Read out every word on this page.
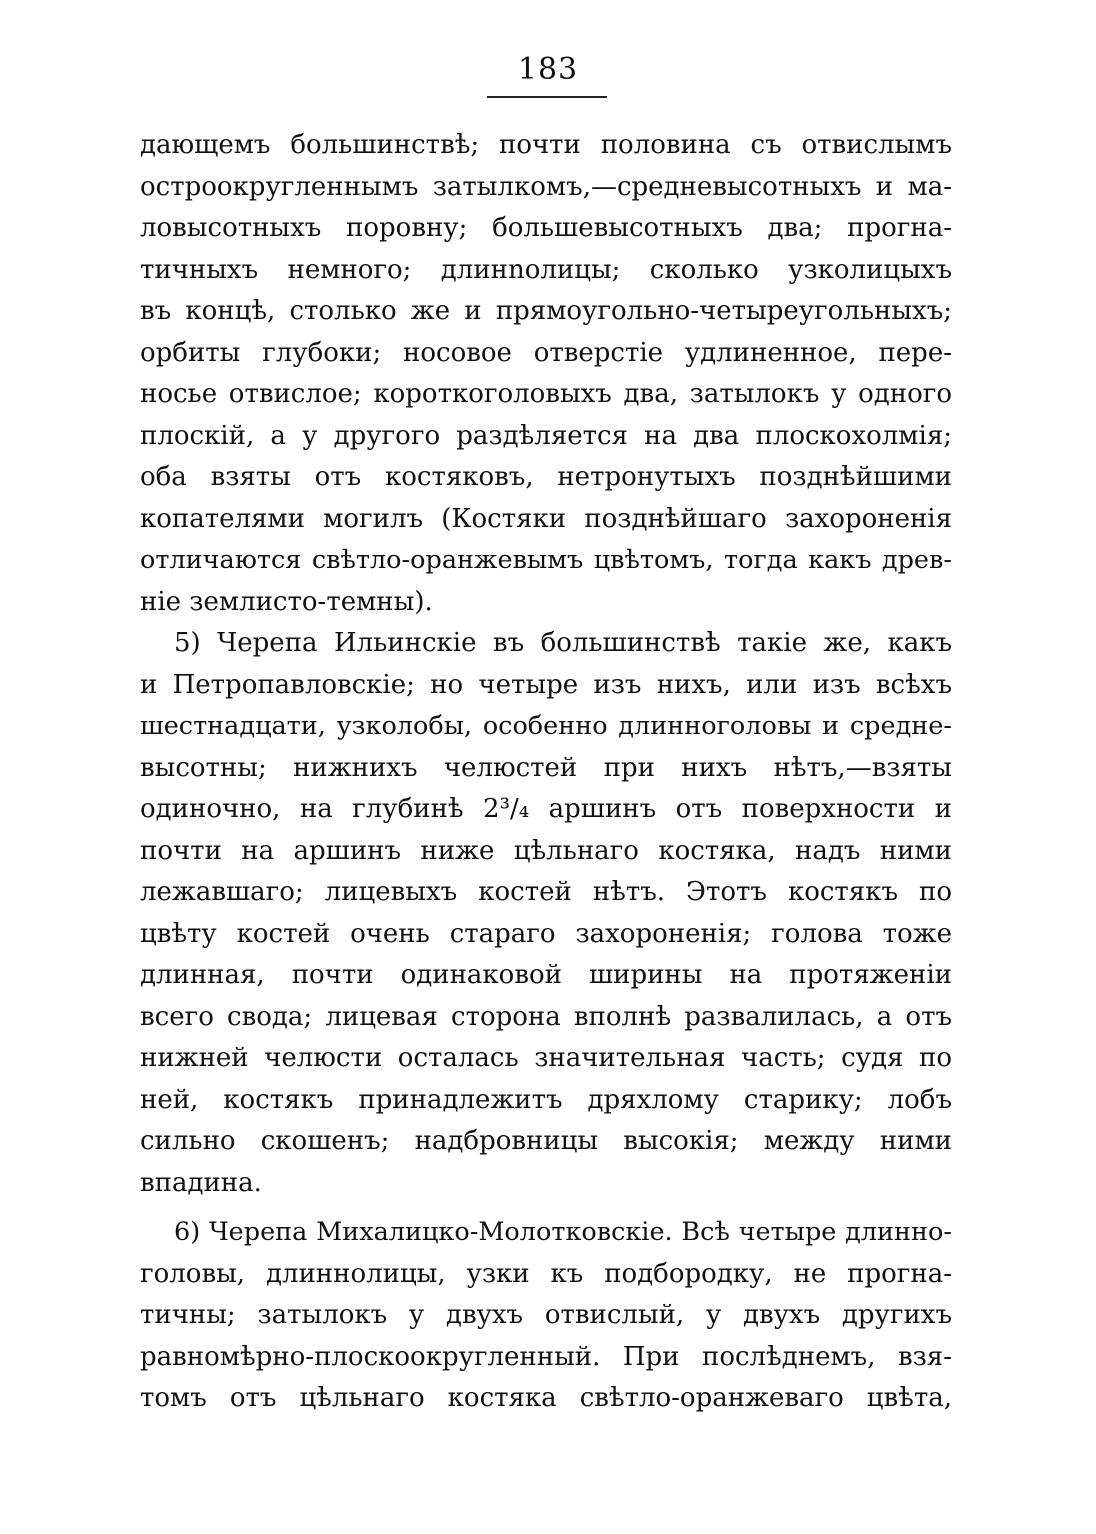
183
дающемъ большинствѣ; почти половина съ отвислымъ
остроокругленнымъ затылкомъ,—средневысотныхъ и ма-
ловысотныхъ поровну; большевысотныхъ два; прогна-
тичныхъ немного; длинnолицы; сколько узколицыхъ
въ концѣ, столько же и прямоугольно-четыреугольныхъ;
орбиты глубоки; носовое отверстіе удлиненное, пере-
носье отвислое; короткоголовыхъ два, затылокъ у одного
плоскій, а у другого раздѣляется на два плоскохолмія;
оба взяты отъ костяковъ, нетронутыхъ позднѣйшими
копателями могилъ (Костяки позднѣйшаго захороненія
отличаются свѣтло-оранжевымъ цвѣтомъ, тогда какъ древ-
ніе землисто-темны).
5) Черепа Ильинскіе въ большинствѣ такіе же, какъ
и Петропавловскіе; но четыре изъ нихъ, или изъ всѣхъ
шестнадцати, узколобы, особенно длинноголовы и средне-
высотны; нижнихъ челюстей при нихъ нѣтъ,—взяты
одиночно, на глубинѣ 2³/₄ аршинъ отъ поверхности и
почти на аршинъ ниже цѣльнаго костяка, надъ ними
лежавшаго; лицевыхъ костей нѣтъ. Этотъ костякъ по
цвѣту костей очень стараго захороненія; голова тоже
длинная, почти одинаковой ширины на протяженіи
всего свода; лицевая сторона вполнѣ развалилась, а отъ
нижней челюсти осталась значительная часть; судя по
ней, костякъ принадлежитъ дряхлому старику; лобъ
сильно скошенъ; надбровницы высокія; между ними
впадина.
6) Черепа Михалицко-Молотковскіе. Всѣ четыре длинно-
головы, длиннолицы, узки къ подбородку, не прогна-
тичны; затылокъ у двухъ отвислый, у двухъ другихъ
равномѣрно-плоскоокругленный. При послѣднемъ, взя-
томъ отъ цѣльнаго костяка свѣтло-оранжеваго цвѣта,
